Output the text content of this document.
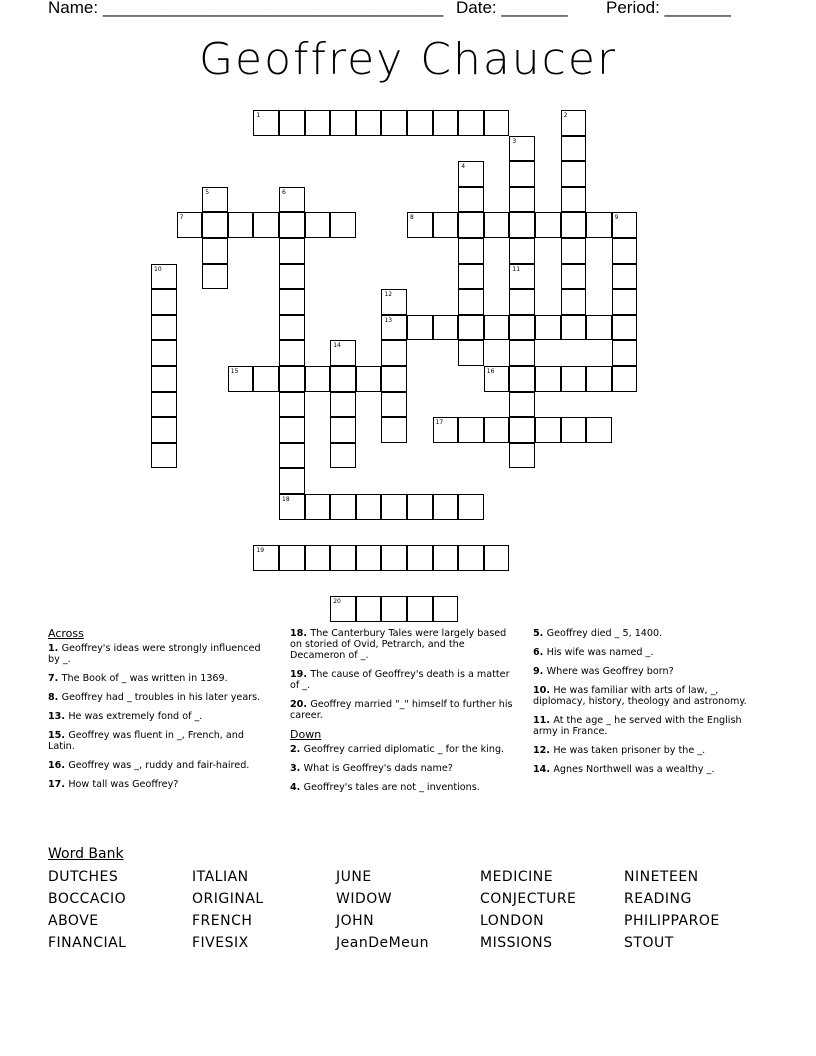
Name: ____________________________________ Date: _______ Period: _______
Geoffrey Chaucer
1	2
3
11
4
5	6
7	8	9
10
12
13
14
15	16
17
18
19
20
Across
1. Geoffrey's ideas were strongly influenced by _.
7. The Book of _ was written in 1369.
8. Geoffrey had _ troubles in his later years.
13. He was extremely fond of _.
15. Geoffrey was fluent in _, French, and Latin.
16. Geoffrey was _, ruddy and fair-haired.
17. How tall was Geoffrey?
18. The Canterbury Tales were largely based on storied of Ovid, Petrarch, and the Decameron of _.
19. The cause of Geoffrey's death is a matter of _.
20. Geoffrey married "_" himself to further his career.
Down
2. Geoffrey carried diplomatic _ for the king.
3. What is Geoffrey's dads name?
4. Geoffrey's tales are not _ inventions.
5. Geoffrey died _ 5, 1400.
6. His wife was named _.
9. Where was Geoffrey born?
10. He was familiar with arts of law, _, diplomacy, history, theology and astronomy.
11. At the age _ he served with the English army in France.
12. He was taken prisoner by the _.
14. Agnes Northwell was a wealthy _.
Word Bank
DUTCHES	ITALIAN	JUNE	MEDICINE	NINETEEN
BOCCACIO	ORIGINAL	WIDOW	CONJECTURE	READING
ABOVE	FRENCH	JOHN	LONDON	PHILIPPAROE
FINANCIAL	FIVESIX	JeanDeMeun	MISSIONS	STOUT
